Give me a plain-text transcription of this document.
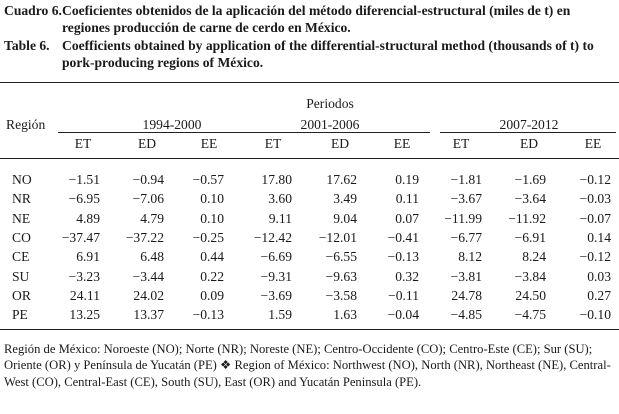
Cuadro 6. Coeficientes obtenidos de la aplicación del método diferencial-estructural (miles de t) en regiones producción de carne de cerdo en México.
Table 6. Coefficients obtained by application of the differential-structural method (thousands of t) to pork-producing regions of México.
Periodos
Región	1994-2000	2001-2006	2007-2012
ET	ED	EE	ET	ED	EE	ET	ED	EE
NO	−1.51	−0.94	−0.57	17.80	17.62	0.19	−1.81	−1.69	−0.12
NR	−6.95	−7.06	0.10	3.60	3.49	0.11	−3.67	−3.64	−0.03
NE	4.89	4.79	0.10	9.11	9.04	0.07	−11.99	−11.92	−0.07
CO	−37.47	−37.22	−0.25	−12.42	−12.01	−0.41	−6.77	−6.91	0.14
CE	6.91	6.48	0.44	−6.69	−6.55	−0.13	8.12	8.24	−0.12
SU	−3.23	−3.44	0.22	−9.31	−9.63	0.32	−3.81	−3.84	0.03
OR	24.11	24.02	0.09	−3.69	−3.58	−0.11	24.78	24.50	0.27
PE	13.25	13.37	−0.13	1.59	1.63	−0.04	−4.85	−4.75	−0.10
Región de México: Noroeste (NO); Norte (NR); Noreste (NE); Centro-Occidente (CO); Centro-Este (CE); Sur (SU); Oriente (OR) y Península de Yucatán (PE) ❖ Region of México: Northwest (NO), North (NR), Northeast (NE), Central-West (CO), Central-East (CE), South (SU), East (OR) and Yucatán Peninsula (PE).
